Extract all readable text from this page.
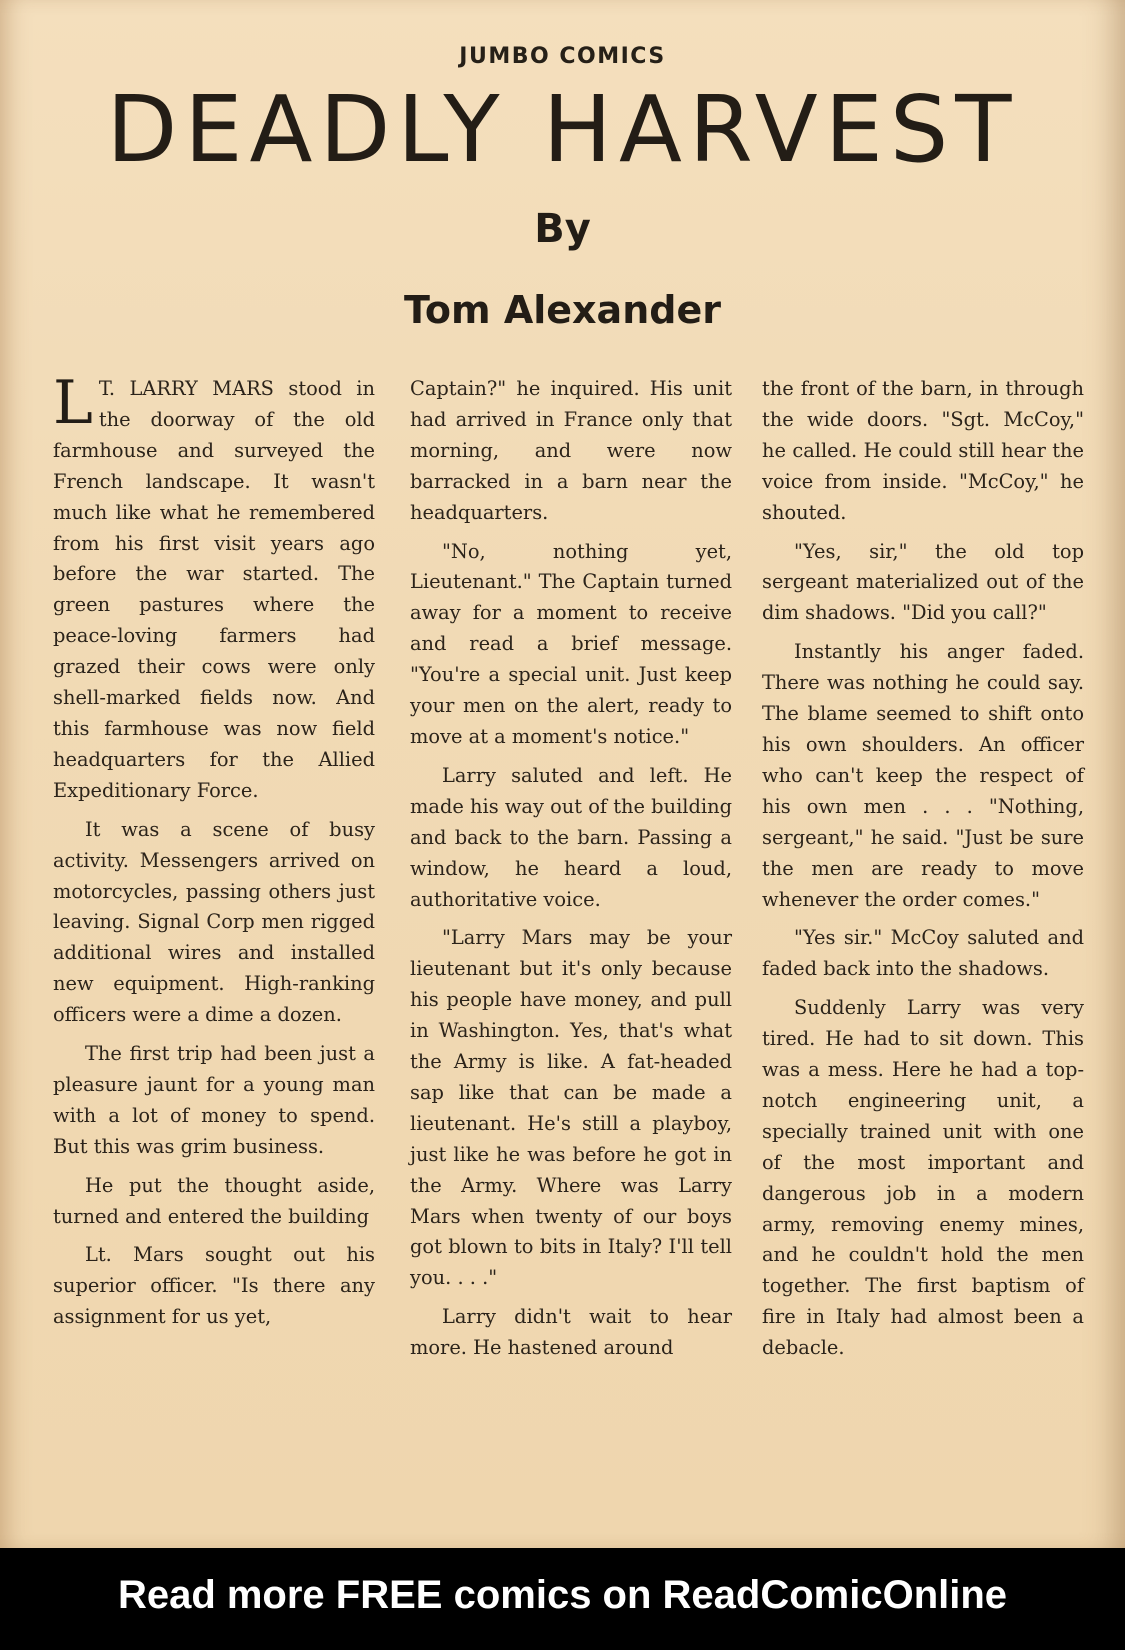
JUMBO COMICS
DEADLY HARVEST
By
Tom Alexander

L T. LARRY MARS stood in the doorway of the old farmhouse and surveyed the French landscape. It wasn't much like what he remembered from his first visit years ago before the war started. The green pastures where the peace-loving farmers had grazed their cows were only shell-marked fields now. And this farmhouse was now field headquarters for the Allied Expeditionary Force.

It was a scene of busy activity. Messengers arrived on motorcycles, passing others just leaving. Signal Corp men rigged additional wires and installed new equipment. High-ranking officers were a dime a dozen.

The first trip had been just a pleasure jaunt for a young man with a lot of money to spend. But this was grim business.

He put the thought aside, turned and entered the building

Lt. Mars sought out his superior officer. "Is there any assignment for us yet,

Captain?" he inquired. His unit had arrived in France only that morning, and were now barracked in a barn near the headquarters.

"No, nothing yet, Lieutenant." The Captain turned away for a moment to receive and read a brief message. "You're a special unit. Just keep your men on the alert, ready to move at a moment's notice."

Larry saluted and left. He made his way out of the building and back to the barn. Passing a window, he heard a loud, authoritative voice.

"Larry Mars may be your lieutenant but it's only because his people have money, and pull in Washington. Yes, that's what the Army is like. A fat-headed sap like that can be made a lieutenant. He's still a playboy, just like he was before he got in the Army. Where was Larry Mars when twenty of our boys got blown to bits in Italy? I'll tell you. . . ."

Larry didn't wait to hear more. He hastened around

the front of the barn, in through the wide doors. "Sgt. McCoy," he called. He could still hear the voice from inside. "McCoy," he shouted.

"Yes, sir," the old top sergeant materialized out of the dim shadows. "Did you call?"

Instantly his anger faded. There was nothing he could say. The blame seemed to shift onto his own shoulders. An officer who can't keep the respect of his own men . . . "Nothing, sergeant," he said. "Just be sure the men are ready to move whenever the order comes."

"Yes sir." McCoy saluted and faded back into the shadows.

Suddenly Larry was very tired. He had to sit down. This was a mess. Here he had a top-notch engineering unit, a specially trained unit with one of the most important and dangerous job in a modern army, removing enemy mines, and he couldn't hold the men together. The first baptism of fire in Italy had almost been a debacle.

Read more FREE comics on ReadComicOnline
